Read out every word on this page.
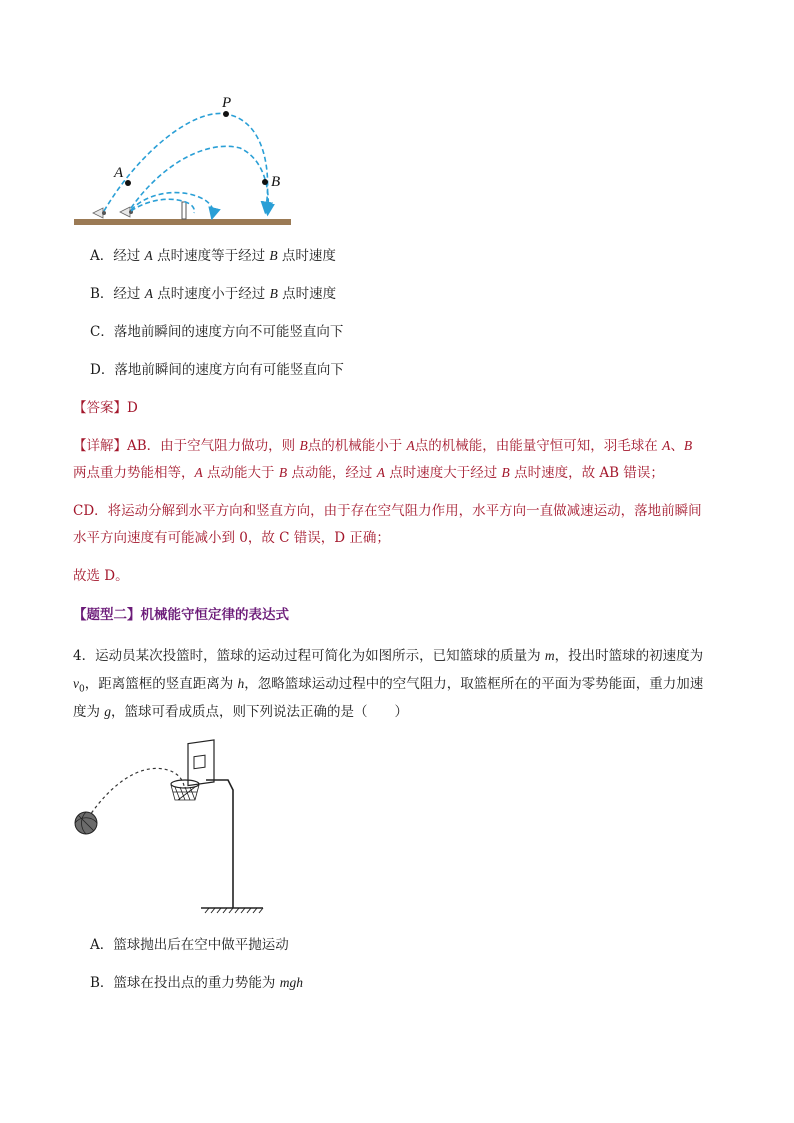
P
A
B
A．经过 A 点时速度等于经过 B 点时速度
B．经过 A 点时速度小于经过 B 点时速度
C．落地前瞬间的速度方向不可能竖直向下
D．落地前瞬间的速度方向有可能竖直向下
【答案】D
【详解】AB．由于空气阻力做功，则 B点的机械能小于 A点的机械能，由能量守恒可知，羽毛球在 A、B
两点重力势能相等，A 点动能大于 B 点动能，经过 A 点时速度大于经过 B 点时速度，故 AB 错误；
CD．将运动分解到水平方向和竖直方向，由于存在空气阻力作用，水平方向一直做减速运动，落地前瞬间
水平方向速度有可能减小到 0，故 C 错误，D 正确；
故选 D。
【题型二】机械能守恒定律的表达式
4．运动员某次投篮时，篮球的运动过程可简化为如图所示，已知篮球的质量为 m，投出时篮球的初速度为
$v_0$，距离篮框的竖直距离为 h，忽略篮球运动过程中的空气阻力，取篮框所在的平面为零势能面，重力加速
度为 g，篮球可看成质点，则下列说法正确的是（　　）
A．篮球抛出后在空中做平抛运动
B．篮球在投出点的重力势能为 mgh
